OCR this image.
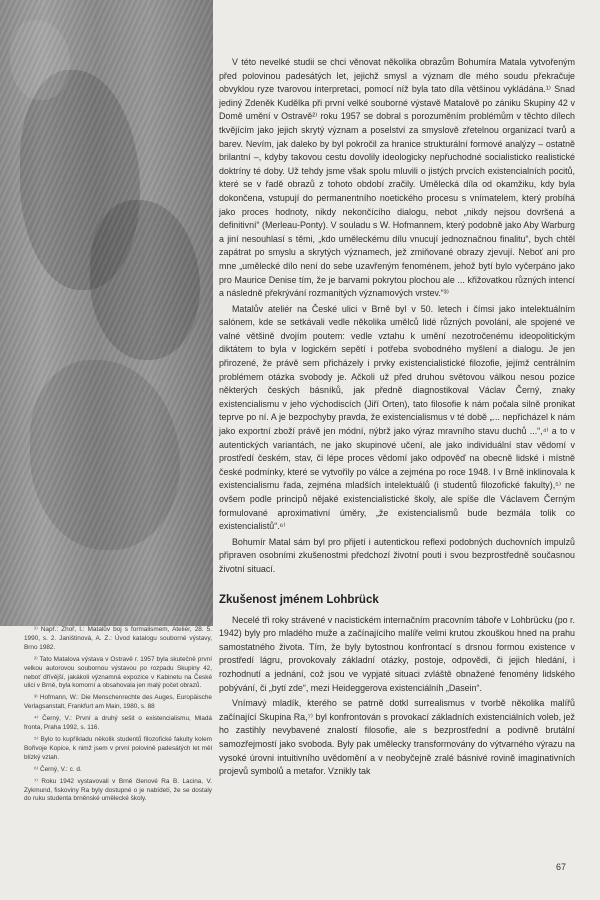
V této nevelké studii se chci věnovat několika obrazům Bohumíra Matala vytvořeným před polovinou padesátých let, jejichž smysl a význam dle mého soudu překračuje obvyklou ryze tvarovou interpretaci, pomocí níž byla tato díla většinou vykládána.¹⁾ Snad jediný Zdeněk Kudělka při první velké souborné výstavě Matalově po zániku Skupiny 42 v Domě umění v Ostravě²⁾ roku 1957 se dobral s porozuměním problémům v těchto dílech tkvějícím jako jejich skrytý význam a poselství za smyslově zřetelnou organizací tvarů a barev. Nevím, jak daleko by byl pokročil za hranice strukturální formové analýzy – ostatně brilantní –, kdyby takovou cestu dovolily ideologicky nepřuchodné socialisticko realistické doktríny té doby. Už tehdy jsme však spolu mluvili o jistých prvcích existencialních pocitů, které se v řadě obrazů z tohoto období zračily. Umělecká díla od okamžiku, kdy byla dokončena, vstupují do permanentního noetického procesu s vnímatelem, který probíhá jako proces hodnoty, nikdy nekončícího dialogu, nebot „nikdy nejsou dovršená a definitivní“ (Merleau-Ponty). V souladu s W. Hofmannem, který podobně jako Aby Warburg a jiní nesouhlasí s těmi, „kdo uměleckému dílu vnucují jednoznačnou finalitu“, bych chtěl zapátrat po smyslu a skrytých významech, jež zmiňované obrazy zjevují. Neboť ani pro mne „umělecké dílo není do sebe uzavřeným fenoménem, jehož bytí bylo vyčerpáno jako pro Maurice Denise tím, že je barvami pokrytou plochou ale ... křižovatkou různých intencí a následně překrývání rozmanitých významových vrstev.“³⁾

Matalův ateliér na České ulici v Brně byl v 50. letech i čímsi jako intelektuálním salónem, kde se setkávali vedle několika umělců lidé různých povolání, ale spojené ve valné většině dvojím poutem: vedle vztahu k umění nezotročenému ideopolitickým diktátem to byla v logickém sepětí i potřeba svobodného myšlení a dialogu. Je jen přirozené, že právě sem přicházely i prvky existencialistické filozofie, jejímž centrálním problémem otázka svobody je. Ačkoli už před druhou světovou válkou nesou pozice některých českých básníků, jak předně diagnostikoval Václav Černý, znaky existencialismu v jeho východiscích (Jiří Orten), tato filosofie k nám počala silně pronikat teprve po ní. A je bezpochyby pravda, že existencialismus v té době „... nepřicházel k nám jako exportní zboží právě jen módní, nýbrž jako výraz mravního stavu duchů ...“,⁴⁾ a to v autentických variantách, ne jako skupinové učení, ale jako individuální stav vědomí v prostředí českém, stav, či lépe proces vědomí jako odpověď na obecně lidské i místně české podmínky, které se vytvořily po válce a zejména po roce 1948. I v Brně inklinovala k existencialismu řada, zejména mladších intelektuálů (i studentů filozofické fakulty),⁵⁾ ne ovšem podle principů nějaké existencialistické školy, ale spíše dle Václavem Černým formulované aproximativní úměry, „že existencialismů bude bezmála tolik co existencialistů“.⁶⁾

Bohumír Matal sám byl pro přijetí i autentickou reflexi podobných duchovních impulzů připraven osobními zkušenostmi předchozí životní pouti i svou bezprostředně současnou životní situací.

Zkušenost jménem Lohbrück

Necelé tři roky strávené v nacistickém internačním pracovním táboře v Lohbrücku (po r. 1942) byly pro mladého muže a začínajícího malíře velmi krutou zkouškou hned na prahu samostatného života. Tím, že byly bytostnou konfrontací s drsnou formou existence v prostředí lágru, provokovaly základní otázky, postoje, odpovědi, či jejich hledání, i rozhodnutí a jednání, což jsou ve vypjaté situaci zvláště obnažené fenomény lidského pobývání, či „bytí zde“, mezi Heideggerova existenciálníh „Dasein“.

Vnímavý mladík, kterého se patrně dotkl surrealismus v tvorbě několika malířů začínající Skupina Ra,⁷⁾ byl konfrontován s provokací základních existenciálních voleb, jež ho zastihly nevybavené znalostí filosofie, ale s bezprostřední a podivně brutální samozřejmostí jako svoboda. Byly pak umělecky transformovány do výtvarného výrazu na vysoké úrovni intuitivního uvědomění a v neobyčejně zralé básnivé rovině imaginativních projevů symbolů a metafor. Vznikly tak

¹⁾ Např.: Zhoř, I.: Matalův boj s formalismem, Ateliér, 28. 5. 1990, s. 2. Janištinová, A. Z.: Úvod katalogu souborné výstavy, Brno 1982.

²⁾ Tato Matalova výstava v Ostravě r. 1957 byla skutečně první velkou autorovou soubornou výstavou po rozpadu Skupiny 42, neboť dřívější, jakákoli významná expozice v Kabinetu na České ulici v Brně, byla komorní a obsahovala jen malý počet obrazů.

³⁾ Hofmann, W.: Die Menschenrechte des Auges, Europäische Verlagsanstalt, Frankfurt am Main, 1980, s. 88

⁴⁾ Černý, V.: První a druhý sešit o existencialismu, Mladá fronta, Praha 1992, s. 116.

⁵⁾ Bylo to kupříkladu několik studentů filozofické fakulty kolem Bořivoje Kopice, k nimž jsem v první polovině padesátých let měl blízký vztah.

⁶⁾ Černý, V.: c. d.

⁷⁾ Roku 1942 vystavovali v Brně členové Ra B. Lacina, V. Zykmund, fiskoviny Ra byly dostupné o je nabídetí, že se dostaly do ruku studenta brněnské umělecké školy.

67
